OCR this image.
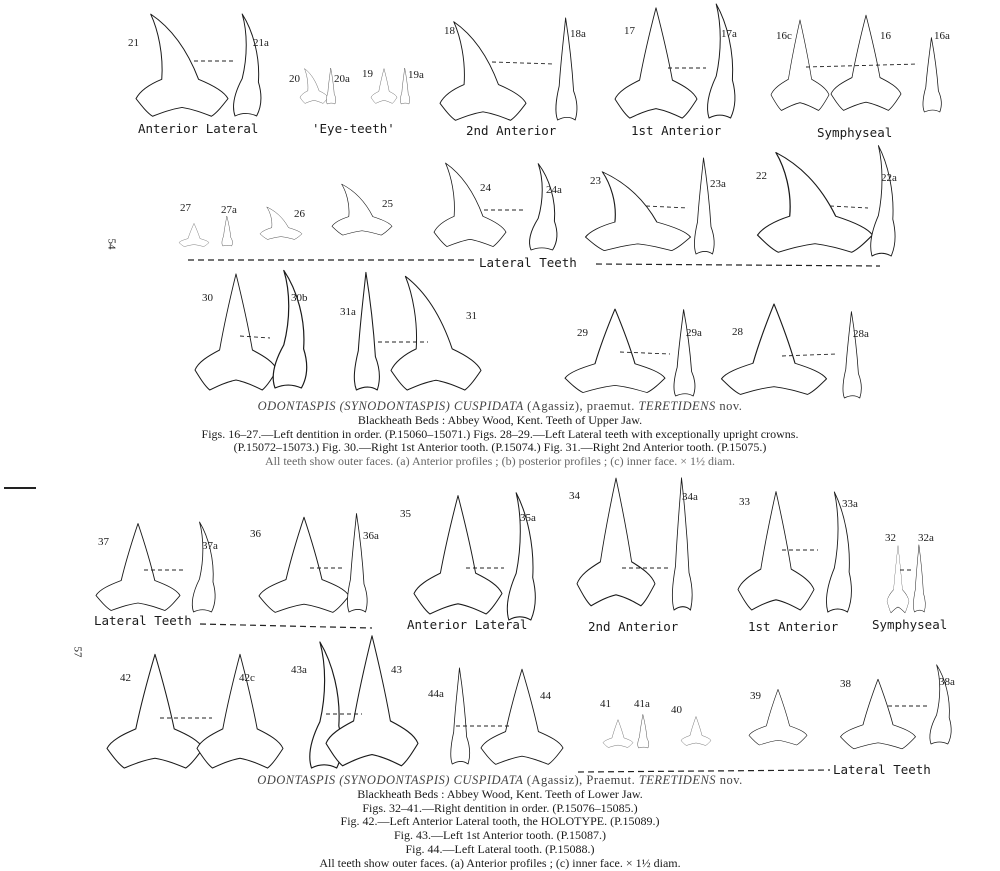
54
57
21	21a
20	20a 19	19a
18	18a	17	17a	16c	16	16a
Anterior Lateral	'Eye-teeth'	2nd Anterior	1st Anterior	Symphyseal
27	27a	26
25
24	24a
23	23a
22	22a
Lateral Teeth
30	30b
31a	31
29	29a	28	28a
ODONTASPIS (SYNODONTASPIS) CUSPIDATA (Agassiz), praemut. TERETIDENS nov.
Blackheath Beds : Abbey Wood, Kent. Teeth of Upper Jaw.
Figs. 16–27.—Left dentition in order. (P.15060–15071.) Figs. 28–29.—Left Lateral teeth with exceptionally upright crowns.
(P.15072–15073.) Fig. 30.—Right 1st Anterior tooth. (P.15074.) Fig. 31.—Right 2nd Anterior tooth. (P.15075.)
All teeth show outer faces. (a) Anterior profiles ; (b) posterior profiles ; (c) inner face. × 1½ diam.
37	37a
36	36a
35	35a
34	34a	33	33a
32 32a
Lateral Teeth	Anterior Lateral	2nd Anterior	1st Anterior	Symphyseal
42	42c
43a	43
44a	44
41 41a 40
39
38	38a
Lateral Teeth
ODONTASPIS (SYNODONTASPIS) CUSPIDATA (Agassiz), Praemut. TERETIDENS nov.
Blackheath Beds : Abbey Wood, Kent. Teeth of Lower Jaw.
Figs. 32–41.—Right dentition in order. (P.15076–15085.)
Fig. 42.—Left Anterior Lateral tooth, the HOLOTYPE. (P.15089.)
Fig. 43.—Left 1st Anterior tooth. (P.15087.)
Fig. 44.—Left Lateral tooth. (P.15088.)
All teeth show outer faces. (a) Anterior profiles ; (c) inner face. × 1½ diam.
